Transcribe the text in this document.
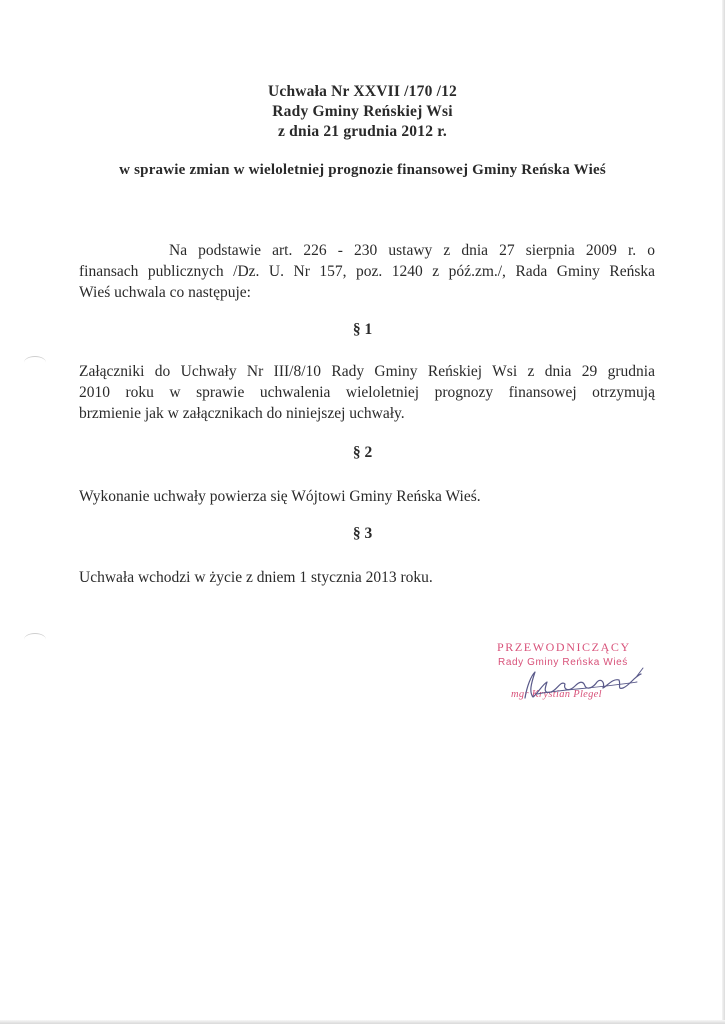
Uchwała Nr XXVII /170 /12
Rady Gminy Reńskiej Wsi
z dnia 21 grudnia 2012 r.
w sprawie zmian w wieloletniej prognozie finansowej Gminy Reńska Wieś
Na podstawie art. 226 - 230 ustawy z dnia 27 sierpnia 2009 r. o
finansach publicznych /Dz. U. Nr 157, poz. 1240 z póź.zm./, Rada Gminy Reńska
Wieś uchwala co następuje:
§ 1
Załączniki do Uchwały Nr III/8/10 Rady Gminy Reńskiej Wsi z dnia 29 grudnia
2010 roku w sprawie uchwalenia wieloletniej prognozy finansowej otrzymują
brzmienie jak w załącznikach do niniejszej uchwały.
§ 2
Wykonanie uchwały powierza się Wójtowi Gminy Reńska Wieś.
§ 3
Uchwała wchodzi w życie z dniem 1 stycznia 2013 roku.
PRZEWODNICZĄCY
Rady Gminy Reńska Wieś
mgr Krystian Plegel
